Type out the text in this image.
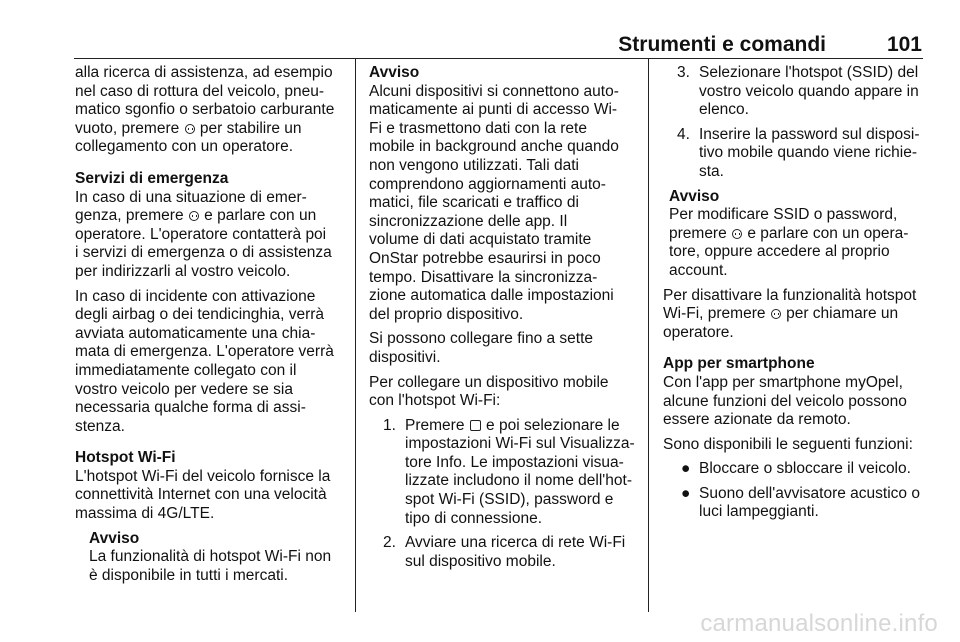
Strumenti e comandi	101
alla ricerca di assistenza, ad esempio
nel caso di rottura del veicolo, pneu-
matico sgonfio o serbatoio carburante
vuoto, premere  per stabilire un
collegamento con un operatore.
Servizi di emergenza
In caso di una situazione di emer-
genza, premere  e parlare con un
operatore. L'operatore contatterà poi
i servizi di emergenza o di assistenza
per indirizzarli al vostro veicolo.
In caso di incidente con attivazione
degli airbag o dei tendicinghia, verrà
avviata automaticamente una chia-
mata di emergenza. L'operatore verrà
immediatamente collegato con il
vostro veicolo per vedere se sia
necessaria qualche forma di assi-
stenza.
Hotspot Wi-Fi
L'hotspot Wi-Fi del veicolo fornisce la
connettività Internet con una velocità
massima di 4G/LTE.
Avviso
La funzionalità di hotspot Wi-Fi non
è disponibile in tutti i mercati.
Avviso
Alcuni dispositivi si connettono auto-
maticamente ai punti di accesso Wi-
Fi e trasmettono dati con la rete
mobile in background anche quando
non vengono utilizzati. Tali dati
comprendono aggiornamenti auto-
matici, file scaricati e traffico di
sincronizzazione delle app. Il
volume di dati acquistato tramite
OnStar potrebbe esaurirsi in poco
tempo. Disattivare la sincronizza-
zione automatica dalle impostazioni
del proprio dispositivo.
Si possono collegare fino a sette
dispositivi.
Per collegare un dispositivo mobile
con l'hotspot Wi-Fi:
1. Premere  e poi selezionare le
impostazioni Wi-Fi sul Visualizza-
tore Info. Le impostazioni visua-
lizzate includono il nome dell'hot-
spot Wi-Fi (SSID), password e
tipo di connessione.
2. Avviare una ricerca di rete Wi-Fi
sul dispositivo mobile.
3. Selezionare l'hotspot (SSID) del
vostro veicolo quando appare in
elenco.
4. Inserire la password sul disposi-
tivo mobile quando viene richie-
sta.
Avviso
Per modificare SSID o password,
premere  e parlare con un opera-
tore, oppure accedere al proprio
account.
Per disattivare la funzionalità hotspot
Wi-Fi, premere  per chiamare un
operatore.
App per smartphone
Con l'app per smartphone myOpel,
alcune funzioni del veicolo possono
essere azionate da remoto.
Sono disponibili le seguenti funzioni:
● Bloccare o sbloccare il veicolo.
● Suono dell'avvisatore acustico o
luci lampeggianti.
carmanualsonline.info
